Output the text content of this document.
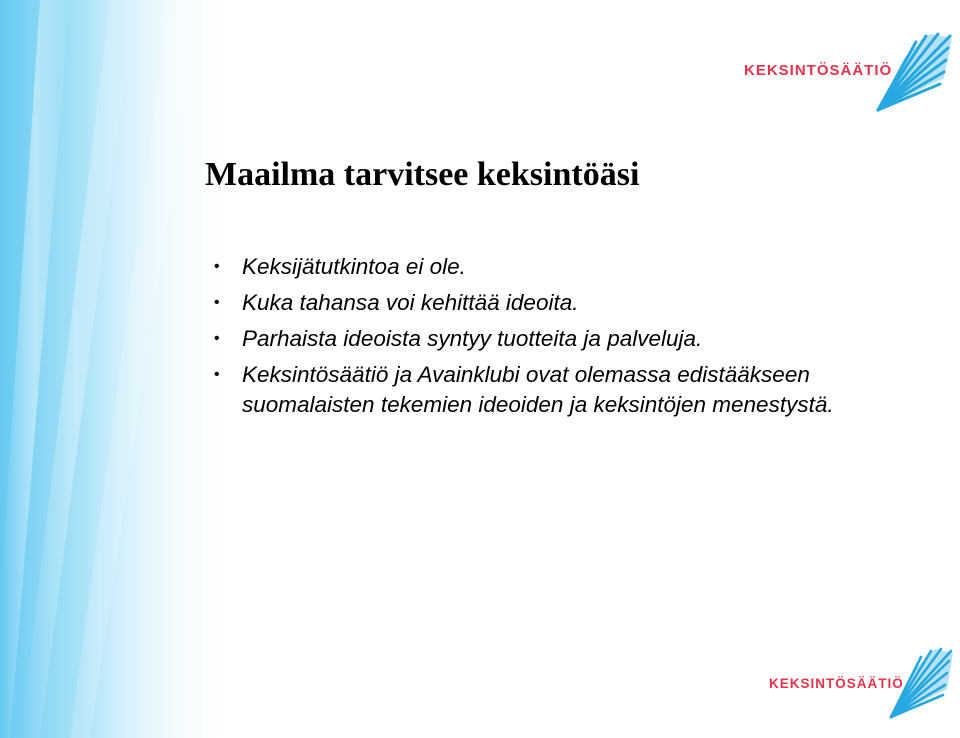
Maailma tarvitsee keksintöäsi
• Keksijätutkintoa ei ole.
• Kuka tahansa voi kehittää ideoita.
• Parhaista ideoista syntyy tuotteita ja palveluja.
• Keksintösäätiö ja Avainklubi ovat olemassa edistääkseen suomalaisten tekemien ideoiden ja keksintöjen menestystä.
KEKSINTÖSÄÄTIÖ
KEKSINTÖSÄÄTIÖ
